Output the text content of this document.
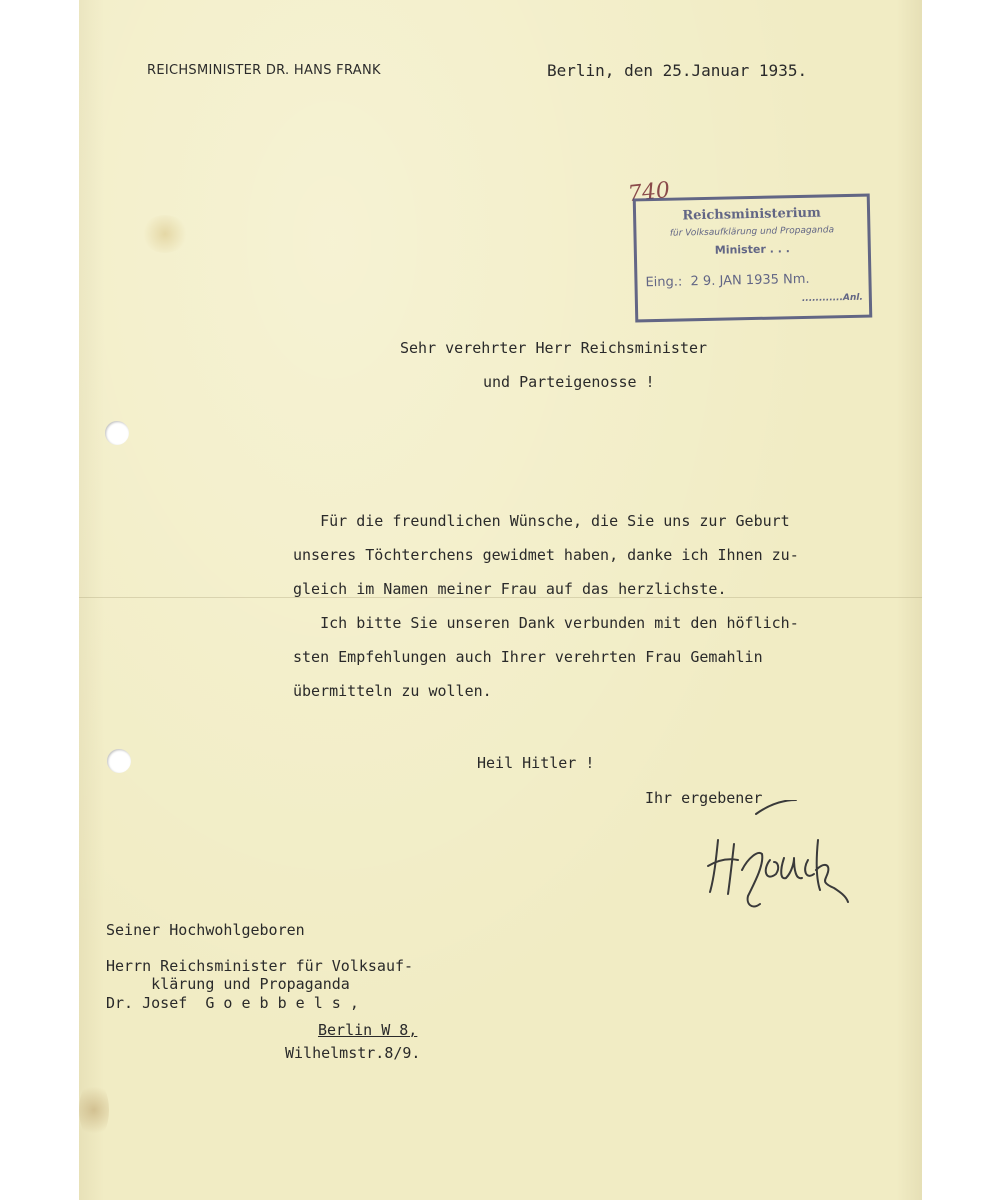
REICHSMINISTER DR. HANS FRANK	Berlin, den 25.Januar 1935.
740
Reichsministerium
für Volksaufklärung und Propaganda
Minister . . .
Eing.:  2 9. JAN 1935 Nm.
............Anl.
Sehr verehrter Herr Reichsminister
und Parteigenosse !
Für die freundlichen Wünsche, die Sie uns zur Geburt
unseres Töchterchens gewidmet haben, danke ich Ihnen zu-
gleich im Namen meiner Frau auf das herzlichste.
Ich bitte Sie unseren Dank verbunden mit den höflich-
sten Empfehlungen auch Ihrer verehrten Frau Gemahlin
übermitteln zu wollen.
Heil Hitler !
Ihr ergebener
Seiner Hochwohlgeboren
Herrn Reichsminister für Volksauf-
klärung und Propaganda
Dr. Josef  G o e b b e l s ,
Berlin W 8,
Wilhelmstr.8/9.
